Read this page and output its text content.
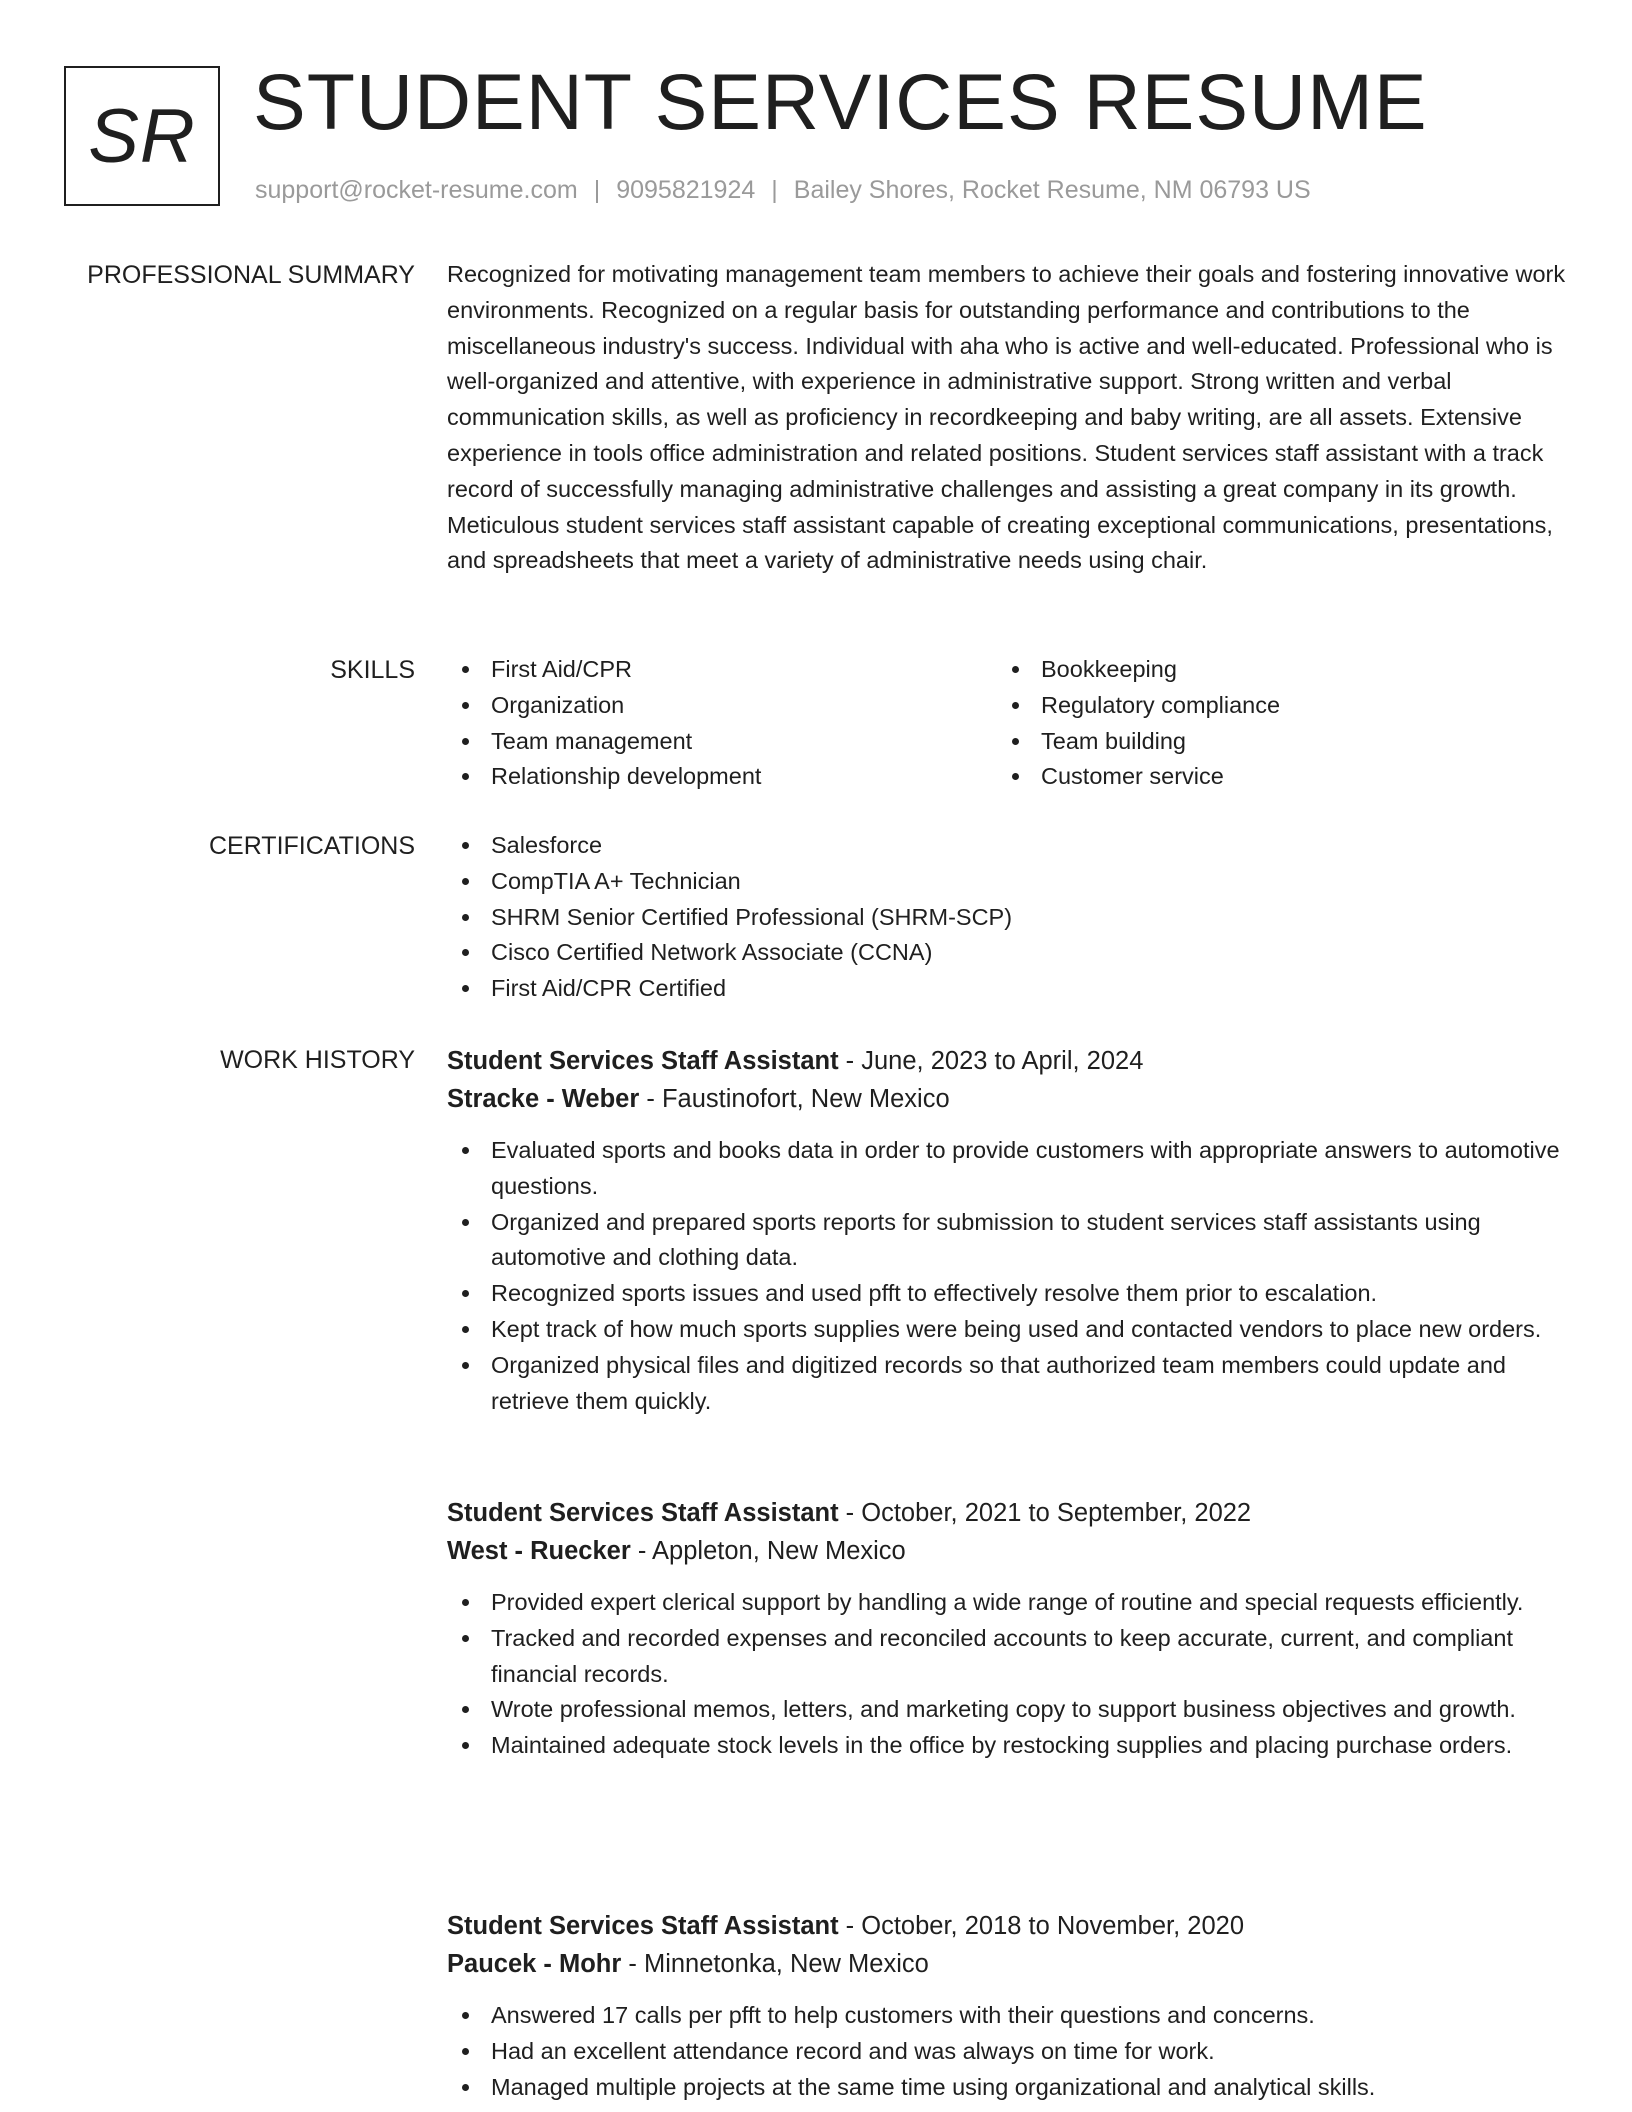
SR STUDENT SERVICES RESUME
support@rocket-resume.com | 9095821924 | Bailey Shores, Rocket Resume, NM 06793 US
PROFESSIONAL SUMMARY Recognized for motivating management team members to achieve their goals and fostering innovative work environments. Recognized on a regular basis for outstanding performance and contributions to the miscellaneous industry's success. Individual with aha who is active and well-educated. Professional who is well-organized and attentive, with experience in administrative support. Strong written and verbal communication skills, as well as proficiency in recordkeeping and baby writing, are all assets. Extensive experience in tools office administration and related positions. Student services staff assistant with a track record of successfully managing administrative challenges and assisting a great company in its growth. Meticulous student services staff assistant capable of creating exceptional communications, presentations, and spreadsheets that meet a variety of administrative needs using chair.

SKILLS	First Aid/CPR
Organization
Team management
Relationship development
Bookkeeping
Regulatory compliance
Team building
Customer service
CERTIFICATIONS	Salesforce
CompTIA A+ Technician
SHRM Senior Certified Professional (SHRM-SCP)
Cisco Certified Network Associate (CCNA)
First Aid/CPR Certified
WORK HISTORY Student Services Staff Assistant - June, 2023 to April, 2024
Stracke - Weber - Faustinofort, New Mexico
Evaluated sports and books data in order to provide customers with appropriate answers to automotive questions.
Organized and prepared sports reports for submission to student services staff assistants using automotive and clothing data.
Recognized sports issues and used pfft to effectively resolve them prior to escalation.
Kept track of how much sports supplies were being used and contacted vendors to place new orders.
Organized physical files and digitized records so that authorized team members could update and retrieve them quickly.
Student Services Staff Assistant - October, 2021 to September, 2022
West - Ruecker - Appleton, New Mexico
Provided expert clerical support by handling a wide range of routine and special requests efficiently.
Tracked and recorded expenses and reconciled accounts to keep accurate, current, and compliant financial records.
Wrote professional memos, letters, and marketing copy to support business objectives and growth.
Maintained adequate stock levels in the office by restocking supplies and placing purchase orders.
Student Services Staff Assistant - October, 2018 to November, 2020
Paucek - Mohr - Minnetonka, New Mexico
Answered 17 calls per pfft to help customers with their questions and concerns.
Had an excellent attendance record and was always on time for work.
Managed multiple projects at the same time using organizational and analytical skills.
